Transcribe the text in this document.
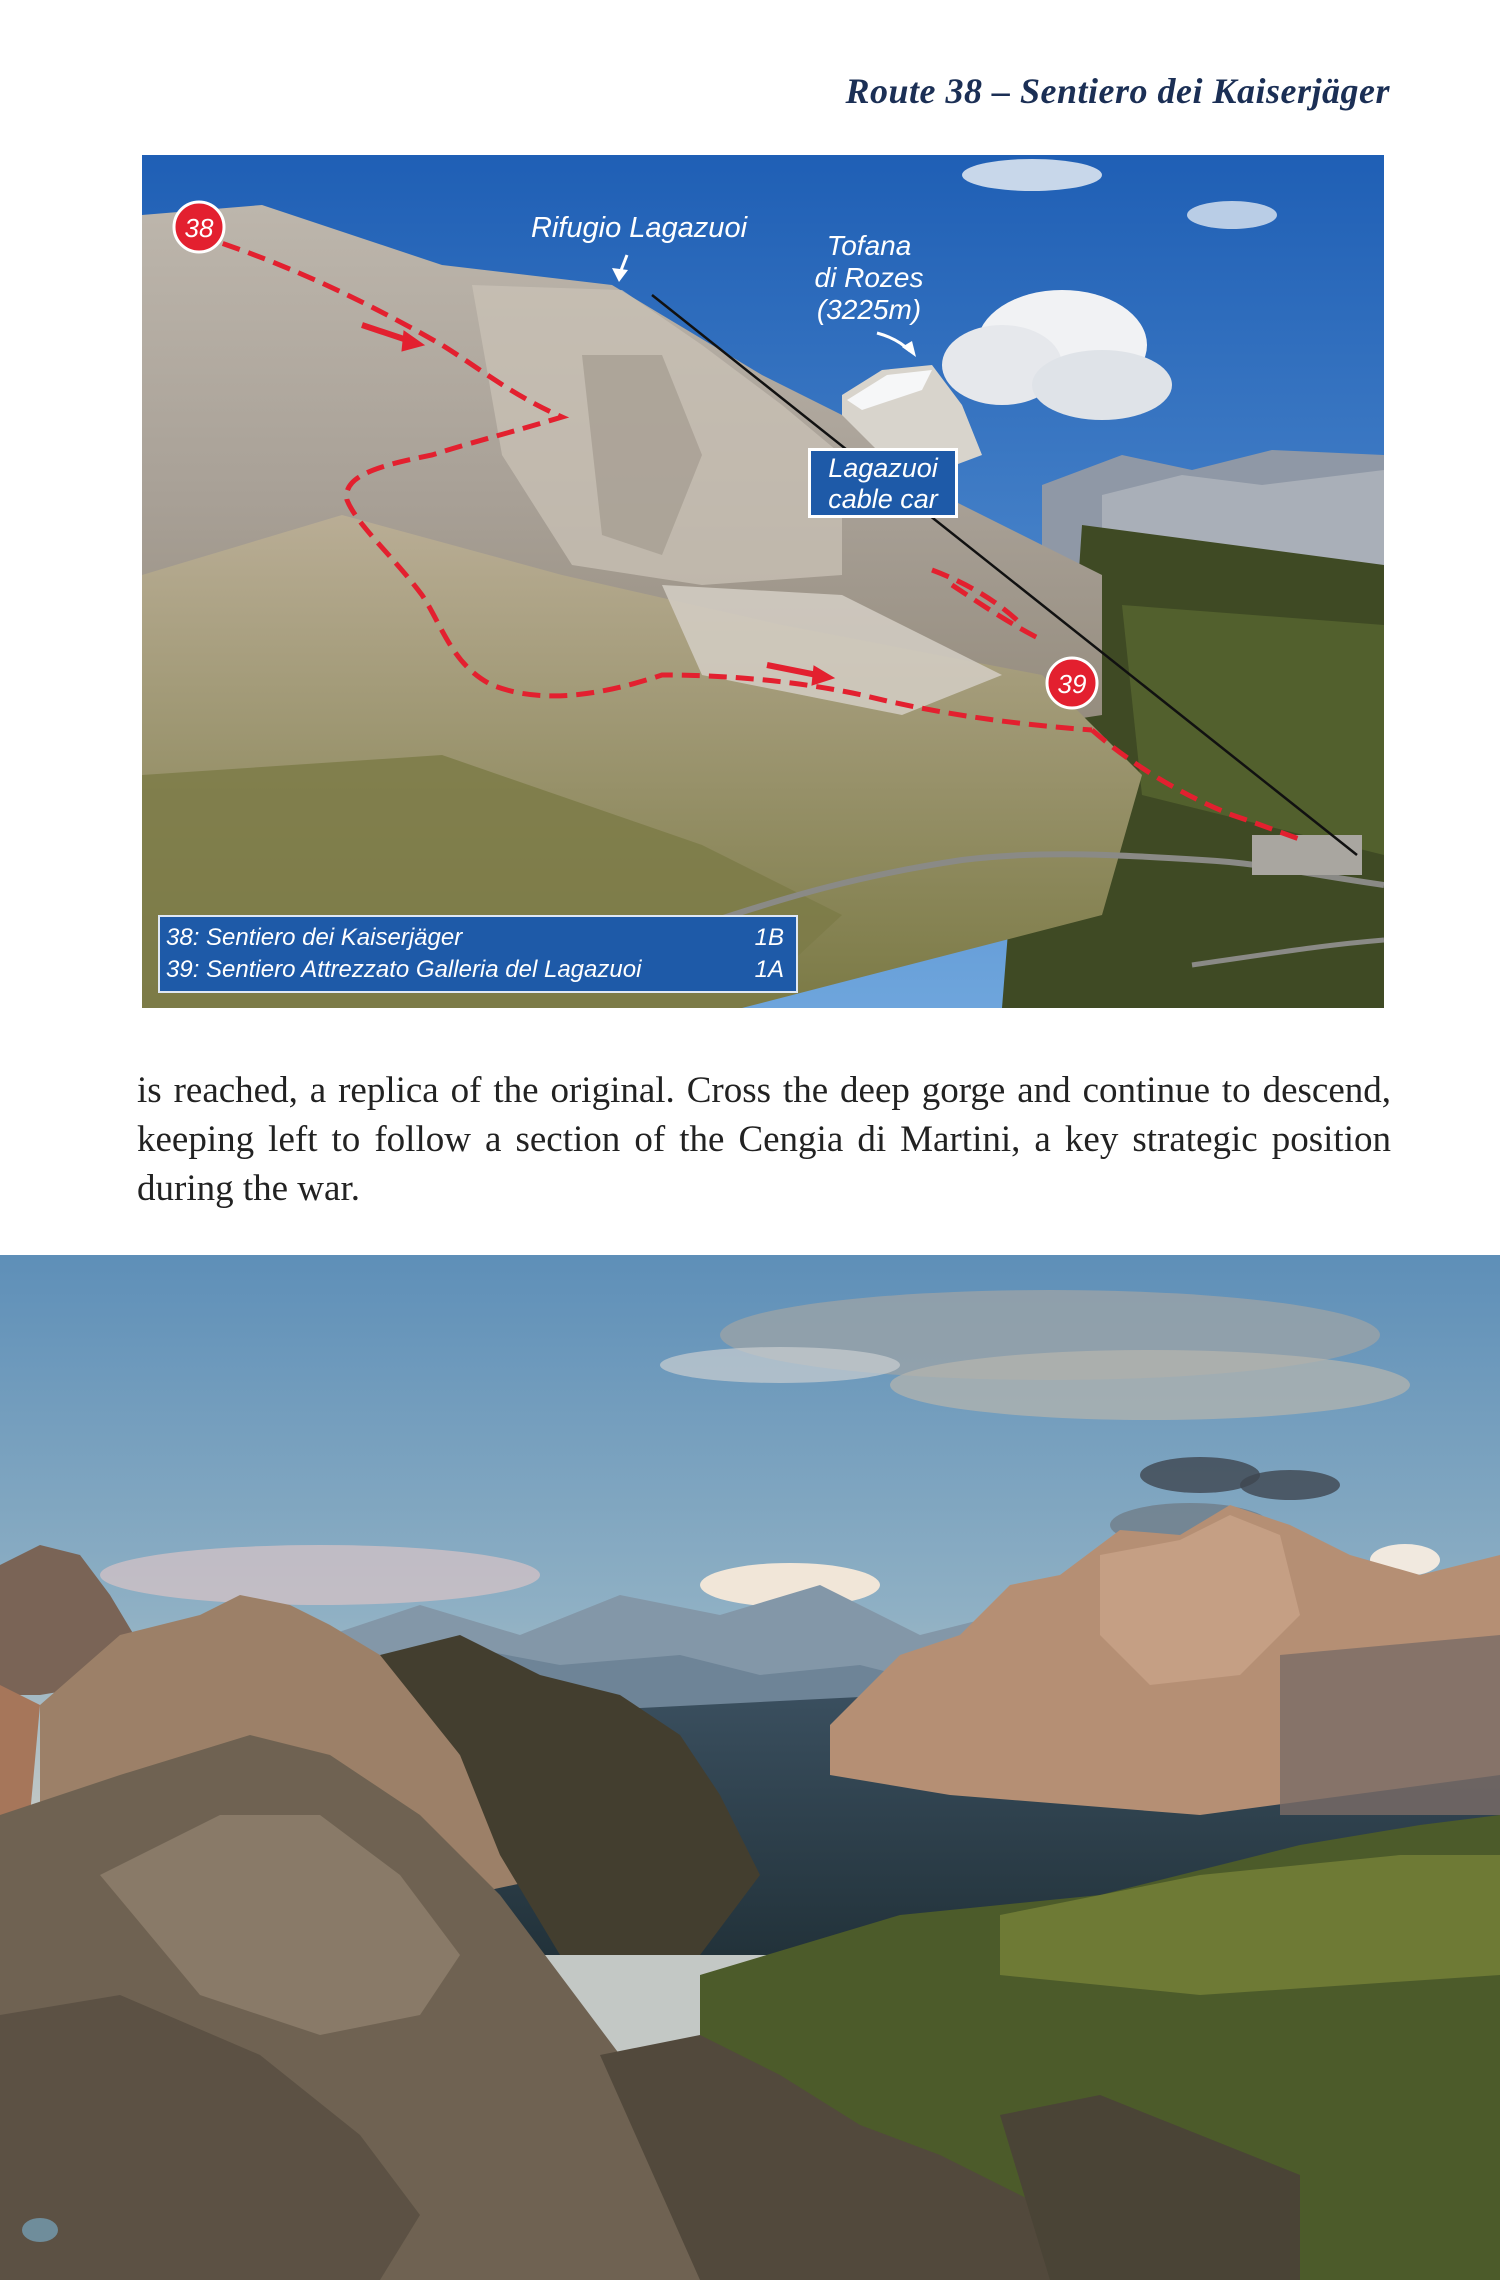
Route 38 – Sentiero dei Kaiserjäger
38
39
Rifugio Lagazuoi
Tofana
di Rozes
(3225m)
Lagazuoi
cable car
38: Sentiero dei Kaiserjäger	1B
39: Sentiero Attrezzato Galleria del Lagazuoi	1A
is reached, a replica of the original. Cross the deep gorge and continue to descend, keeping left to follow a section of the Cengia di Martini, a key strategic position during the war.
